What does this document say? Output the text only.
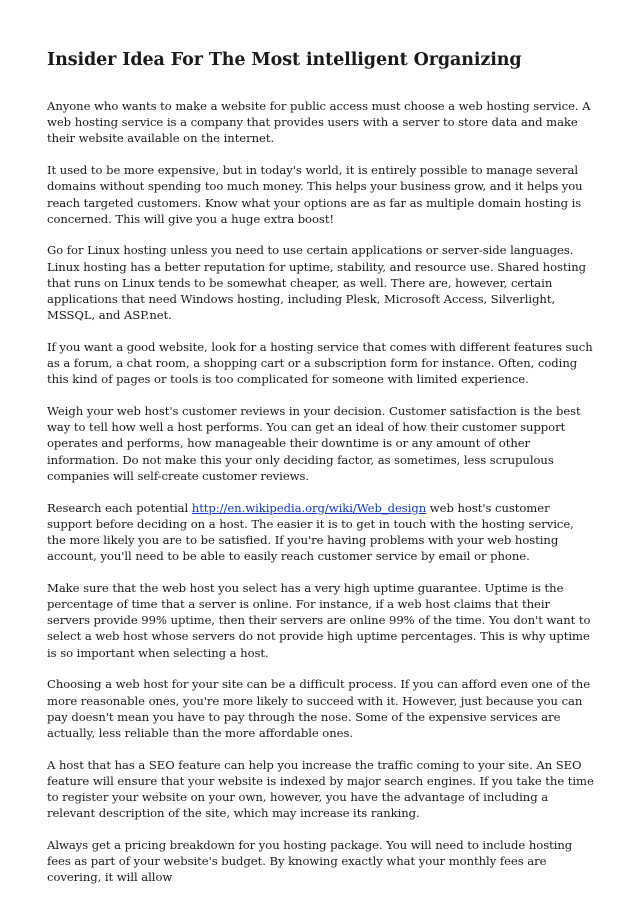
Insider Idea For The Most intelligent Organizing

Anyone who wants to make a website for public access must choose a web hosting service. A web hosting service is a company that provides users with a server to store data and make their website available on the internet.

It used to be more expensive, but in today's world, it is entirely possible to manage several domains without spending too much money. This helps your business grow, and it helps you reach targeted customers. Know what your options are as far as multiple domain hosting is concerned. This will give you a huge extra boost!

Go for Linux hosting unless you need to use certain applications or server-side languages. Linux hosting has a better reputation for uptime, stability, and resource use. Shared hosting that runs on Linux tends to be somewhat cheaper, as well. There are, however, certain applications that need Windows hosting, including Plesk, Microsoft Access, Silverlight, MSSQL, and ASP.net.

If you want a good website, look for a hosting service that comes with different features such as a forum, a chat room, a shopping cart or a subscription form for instance. Often, coding this kind of pages or tools is too complicated for someone with limited experience.

Weigh your web host's customer reviews in your decision. Customer satisfaction is the best way to tell how well a host performs. You can get an ideal of how their customer support operates and performs, how manageable their downtime is or any amount of other information. Do not make this your only deciding factor, as sometimes, less scrupulous companies will self-create customer reviews.

Research each potential http://en.wikipedia.org/wiki/Web_design web host's customer support before deciding on a host. The easier it is to get in touch with the hosting service, the more likely you are to be satisfied. If you're having problems with your web hosting account, you'll need to be able to easily reach customer service by email or phone.

Make sure that the web host you select has a very high uptime guarantee. Uptime is the percentage of time that a server is online. For instance, if a web host claims that their servers provide 99% uptime, then their servers are online 99% of the time. You don't want to select a web host whose servers do not provide high uptime percentages. This is why uptime is so important when selecting a host.

Choosing a web host for your site can be a difficult process. If you can afford even one of the more reasonable ones, you're more likely to succeed with it. However, just because you can pay doesn't mean you have to pay through the nose. Some of the expensive services are actually, less reliable than the more affordable ones.

A host that has a SEO feature can help you increase the traffic coming to your site. An SEO feature will ensure that your website is indexed by major search engines. If you take the time to register your website on your own, however, you have the advantage of including a relevant description of the site, which may increase its ranking.

Always get a pricing breakdown for you hosting package. You will need to include hosting fees as part of your website's budget. By knowing exactly what your monthly fees are covering, it will allow
